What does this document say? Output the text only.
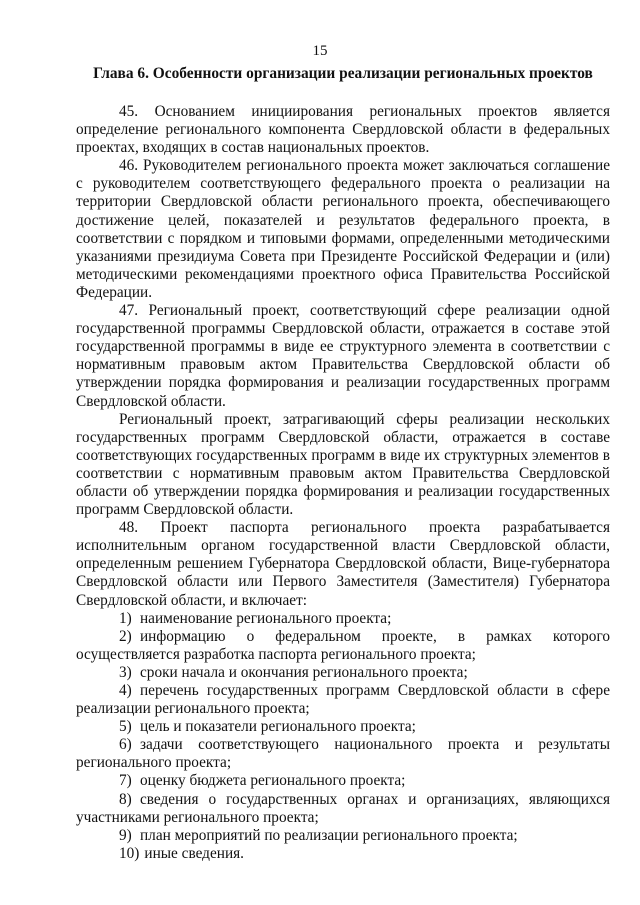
15
Глава 6. Особенности организации реализации региональных проектов

45. Основанием инициирования региональных проектов является определение регионального компонента Свердловской области в федеральных проектах, входящих в состав национальных проектов.

46. Руководителем регионального проекта может заключаться соглашение с руководителем соответствующего федерального проекта о реализации на территории Свердловской области регионального проекта, обеспечивающего достижение целей, показателей и результатов федерального проекта, в соответствии с порядком и типовыми формами, определенными методическими указаниями президиума Совета при Президенте Российской Федерации и (или) методическими рекомендациями проектного офиса Правительства Российской Федерации.

47. Региональный проект, соответствующий сфере реализации одной государственной программы Свердловской области, отражается в составе этой государственной программы в виде ее структурного элемента в соответствии с нормативным правовым актом Правительства Свердловской области об утверждении порядка формирования и реализации государственных программ Свердловской области.

Региональный проект, затрагивающий сферы реализации нескольких государственных программ Свердловской области, отражается в составе соответствующих государственных программ в виде их структурных элементов в соответствии с нормативным правовым актом Правительства Свердловской области об утверждении порядка формирования и реализации государственных программ Свердловской области.

48. Проект паспорта регионального проекта разрабатывается исполнительным органом государственной власти Свердловской области, определенным решением Губернатора Свердловской области, Вице-губернатора Свердловской области или Первого Заместителя (Заместителя) Губернатора Свердловской области, и включает:

1) наименование регионального проекта;

2) информацию о федеральном проекте, в рамках которого осуществляется разработка паспорта регионального проекта;

3) сроки начала и окончания регионального проекта;

4) перечень государственных программ Свердловской области в сфере реализации регионального проекта;

5) цель и показатели регионального проекта;

6) задачи соответствующего национального проекта и результаты регионального проекта;

7) оценку бюджета регионального проекта;

8) сведения о государственных органах и организациях, являющихся участниками регионального проекта;

9) план мероприятий по реализации регионального проекта;

10) иные сведения.
